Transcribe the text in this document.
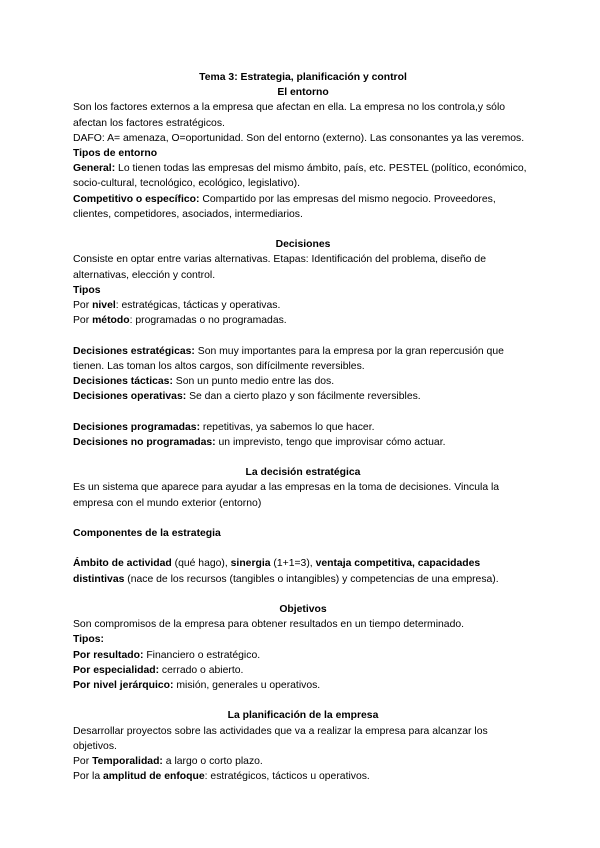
Tema 3: Estrategia, planificación y control

El entorno

Son los factores externos a la empresa que afectan en ella. La empresa no los controla,y sólo afectan los factores estratégicos.

DAFO: A= amenaza, O=oportunidad. Son del entorno (externo). Las consonantes ya las veremos.

Tipos de entorno

General: Lo tienen todas las empresas del mismo ámbito, país, etc. PESTEL (político, económico, socio-cultural, tecnológico, ecológico, legislativo).

Competitivo o específico: Compartido por las empresas del mismo negocio. Proveedores, clientes, competidores, asociados, intermediarios.

Decisiones

Consiste en optar entre varias alternativas. Etapas: Identificación del problema, diseño de alternativas, elección y control.

Tipos

Por nivel: estratégicas, tácticas y operativas.

Por método: programadas o no programadas.

Decisiones estratégicas: Son muy importantes para la empresa por la gran repercusión que tienen. Las toman los altos cargos, son difícilmente reversibles.

Decisiones tácticas: Son un punto medio entre las dos.

Decisiones operativas: Se dan a cierto plazo y son fácilmente reversibles.

Decisiones programadas: repetitivas, ya sabemos lo que hacer.

Decisiones no programadas: un imprevisto, tengo que improvisar cómo actuar.

La decisión estratégica

Es un sistema que aparece para ayudar a las empresas en la toma de decisiones. Vincula la empresa con el mundo exterior (entorno)

Componentes de la estrategia

Ámbito de actividad (qué hago), sinergia (1+1=3), ventaja competitiva, capacidades distintivas (nace de los recursos (tangibles o intangibles) y competencias de una empresa).

Objetivos

Son compromisos de la empresa para obtener resultados en un tiempo determinado.

Tipos:

Por resultado: Financiero o estratégico.

Por especialidad: cerrado o abierto.

Por nivel jerárquico: misión, generales u operativos.

La planificación de la empresa

Desarrollar proyectos sobre las actividades que va a realizar la empresa para alcanzar los objetivos.

Por Temporalidad: a largo o corto plazo.

Por la amplitud de enfoque: estratégicos, tácticos u operativos.
